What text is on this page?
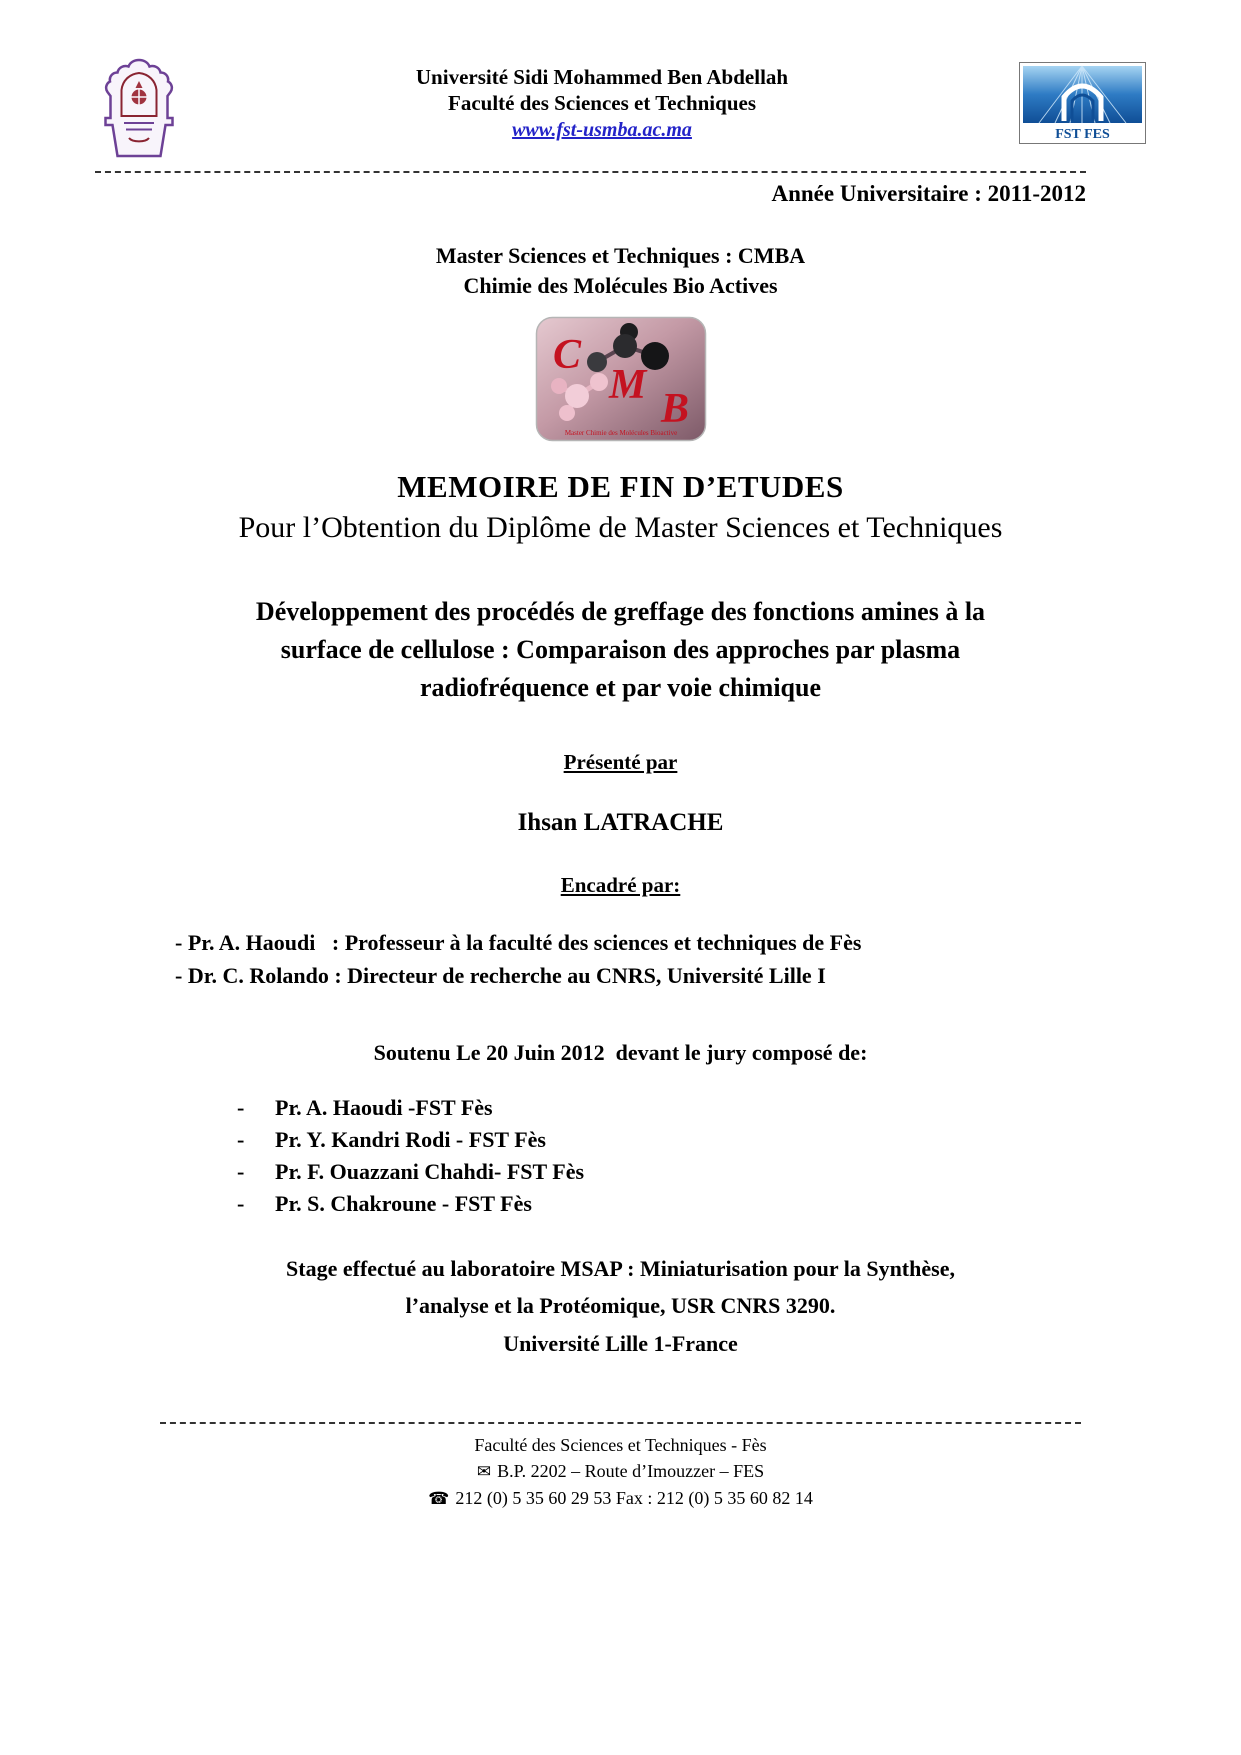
Université Sidi Mohammed Ben Abdellah
Faculté des Sciences et Techniques
www.fst-usmba.ac.ma	FST FES
Année Universitaire : 2011-2012
Master Sciences et Techniques : CMBA
Chimie des Molécules Bio Actives
C
M
B
Master Chimie des Molécules Bioactive
MEMOIRE DE FIN D’ETUDES
Pour l’Obtention du Diplôme de Master Sciences et Techniques
Développement des procédés de greffage des fonctions amines à la
surface de cellulose : Comparaison des approches par plasma
radiofréquence et par voie chimique
Présenté par
Ihsan LATRACHE
Encadré par:
- Pr. A. Haoudi   : Professeur à la faculté des sciences et techniques de Fès
- Dr. C. Rolando : Directeur de recherche au CNRS, Université Lille I
Soutenu Le 20 Juin 2012  devant le jury composé de:
-	Pr. A. Haoudi -FST Fès
-	Pr. Y. Kandri Rodi - FST Fès
-	Pr. F. Ouazzani Chahdi- FST Fès
-	Pr. S. Chakroune - FST Fès
Stage effectué au laboratoire MSAP : Miniaturisation pour la Synthèse,
l’analyse et la Protéomique, USR CNRS 3290.
Université Lille 1-France
Faculté des Sciences et Techniques - Fès
✉ B.P. 2202 – Route d’Imouzzer – FES
☎ 212 (0) 5 35 60 29 53 Fax : 212 (0) 5 35 60 82 14
